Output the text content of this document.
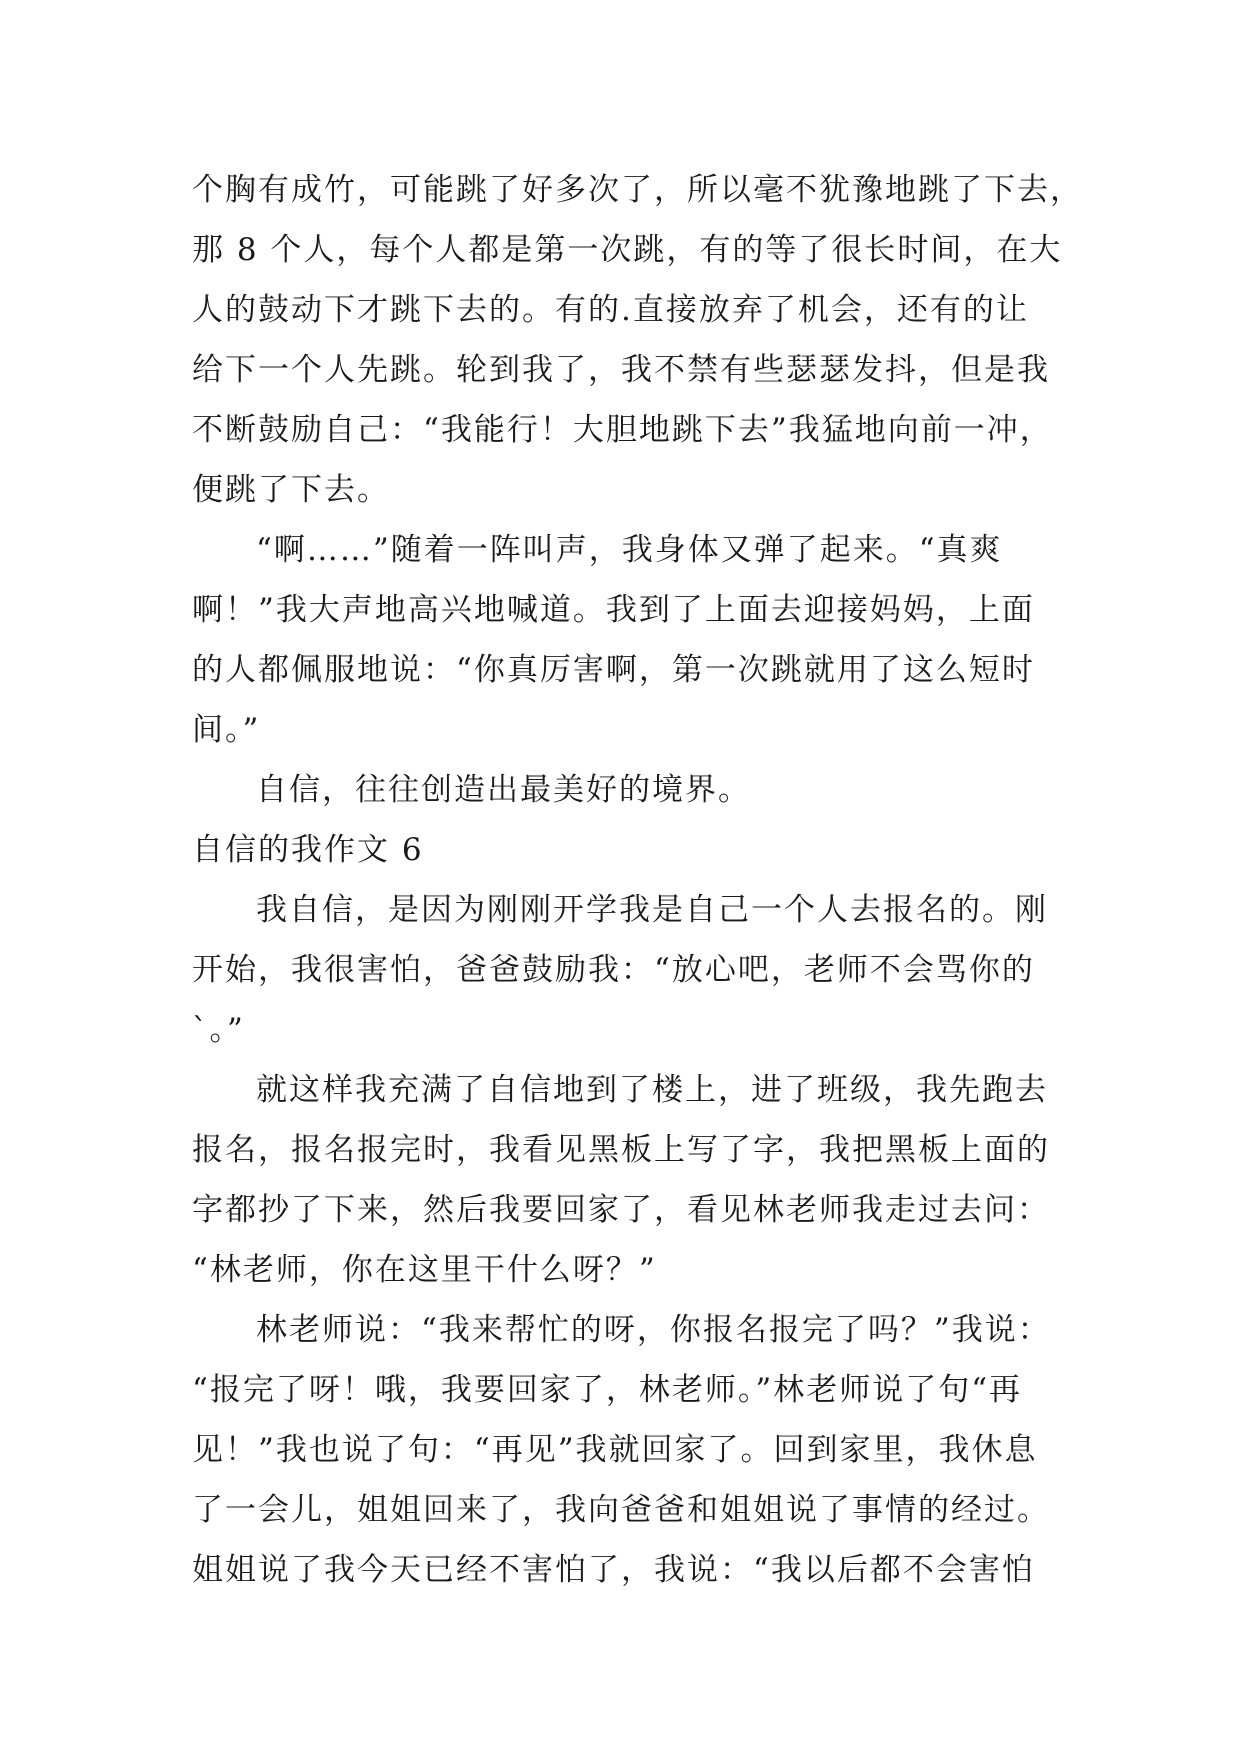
个胸有成竹，可能跳了好多次了，所以毫不犹豫地跳了下去，

那 8 个人，每个人都是第一次跳，有的等了很长时间，在大

人的鼓动下才跳下去的。有的.直接放弃了机会，还有的让

给下一个人先跳。轮到我了，我不禁有些瑟瑟发抖，但是我

不断鼓励自己：“我能行！大胆地跳下去”我猛地向前一冲，

便跳了下去。

“啊……”随着一阵叫声，我身体又弹了起来。“真爽

啊！”我大声地高兴地喊道。我到了上面去迎接妈妈，上面

的人都佩服地说：“你真厉害啊，第一次跳就用了这么短时

间。”

自信，往往创造出最美好的境界。

自信的我作文 6

我自信，是因为刚刚开学我是自己一个人去报名的。刚

开始，我很害怕，爸爸鼓励我：“放心吧，老师不会骂你的

`。”

就这样我充满了自信地到了楼上，进了班级，我先跑去

报名，报名报完时，我看见黑板上写了字，我把黑板上面的

字都抄了下来，然后我要回家了，看见林老师我走过去问：

“林老师，你在这里干什么呀？”

林老师说：“我来帮忙的呀，你报名报完了吗？”我说：

“报完了呀！哦，我要回家了，林老师。”林老师说了句“再

见！”我也说了句：“再见”我就回家了。回到家里，我休息

了一会儿，姐姐回来了，我向爸爸和姐姐说了事情的经过。

姐姐说了我今天已经不害怕了，我说：“我以后都不会害怕
